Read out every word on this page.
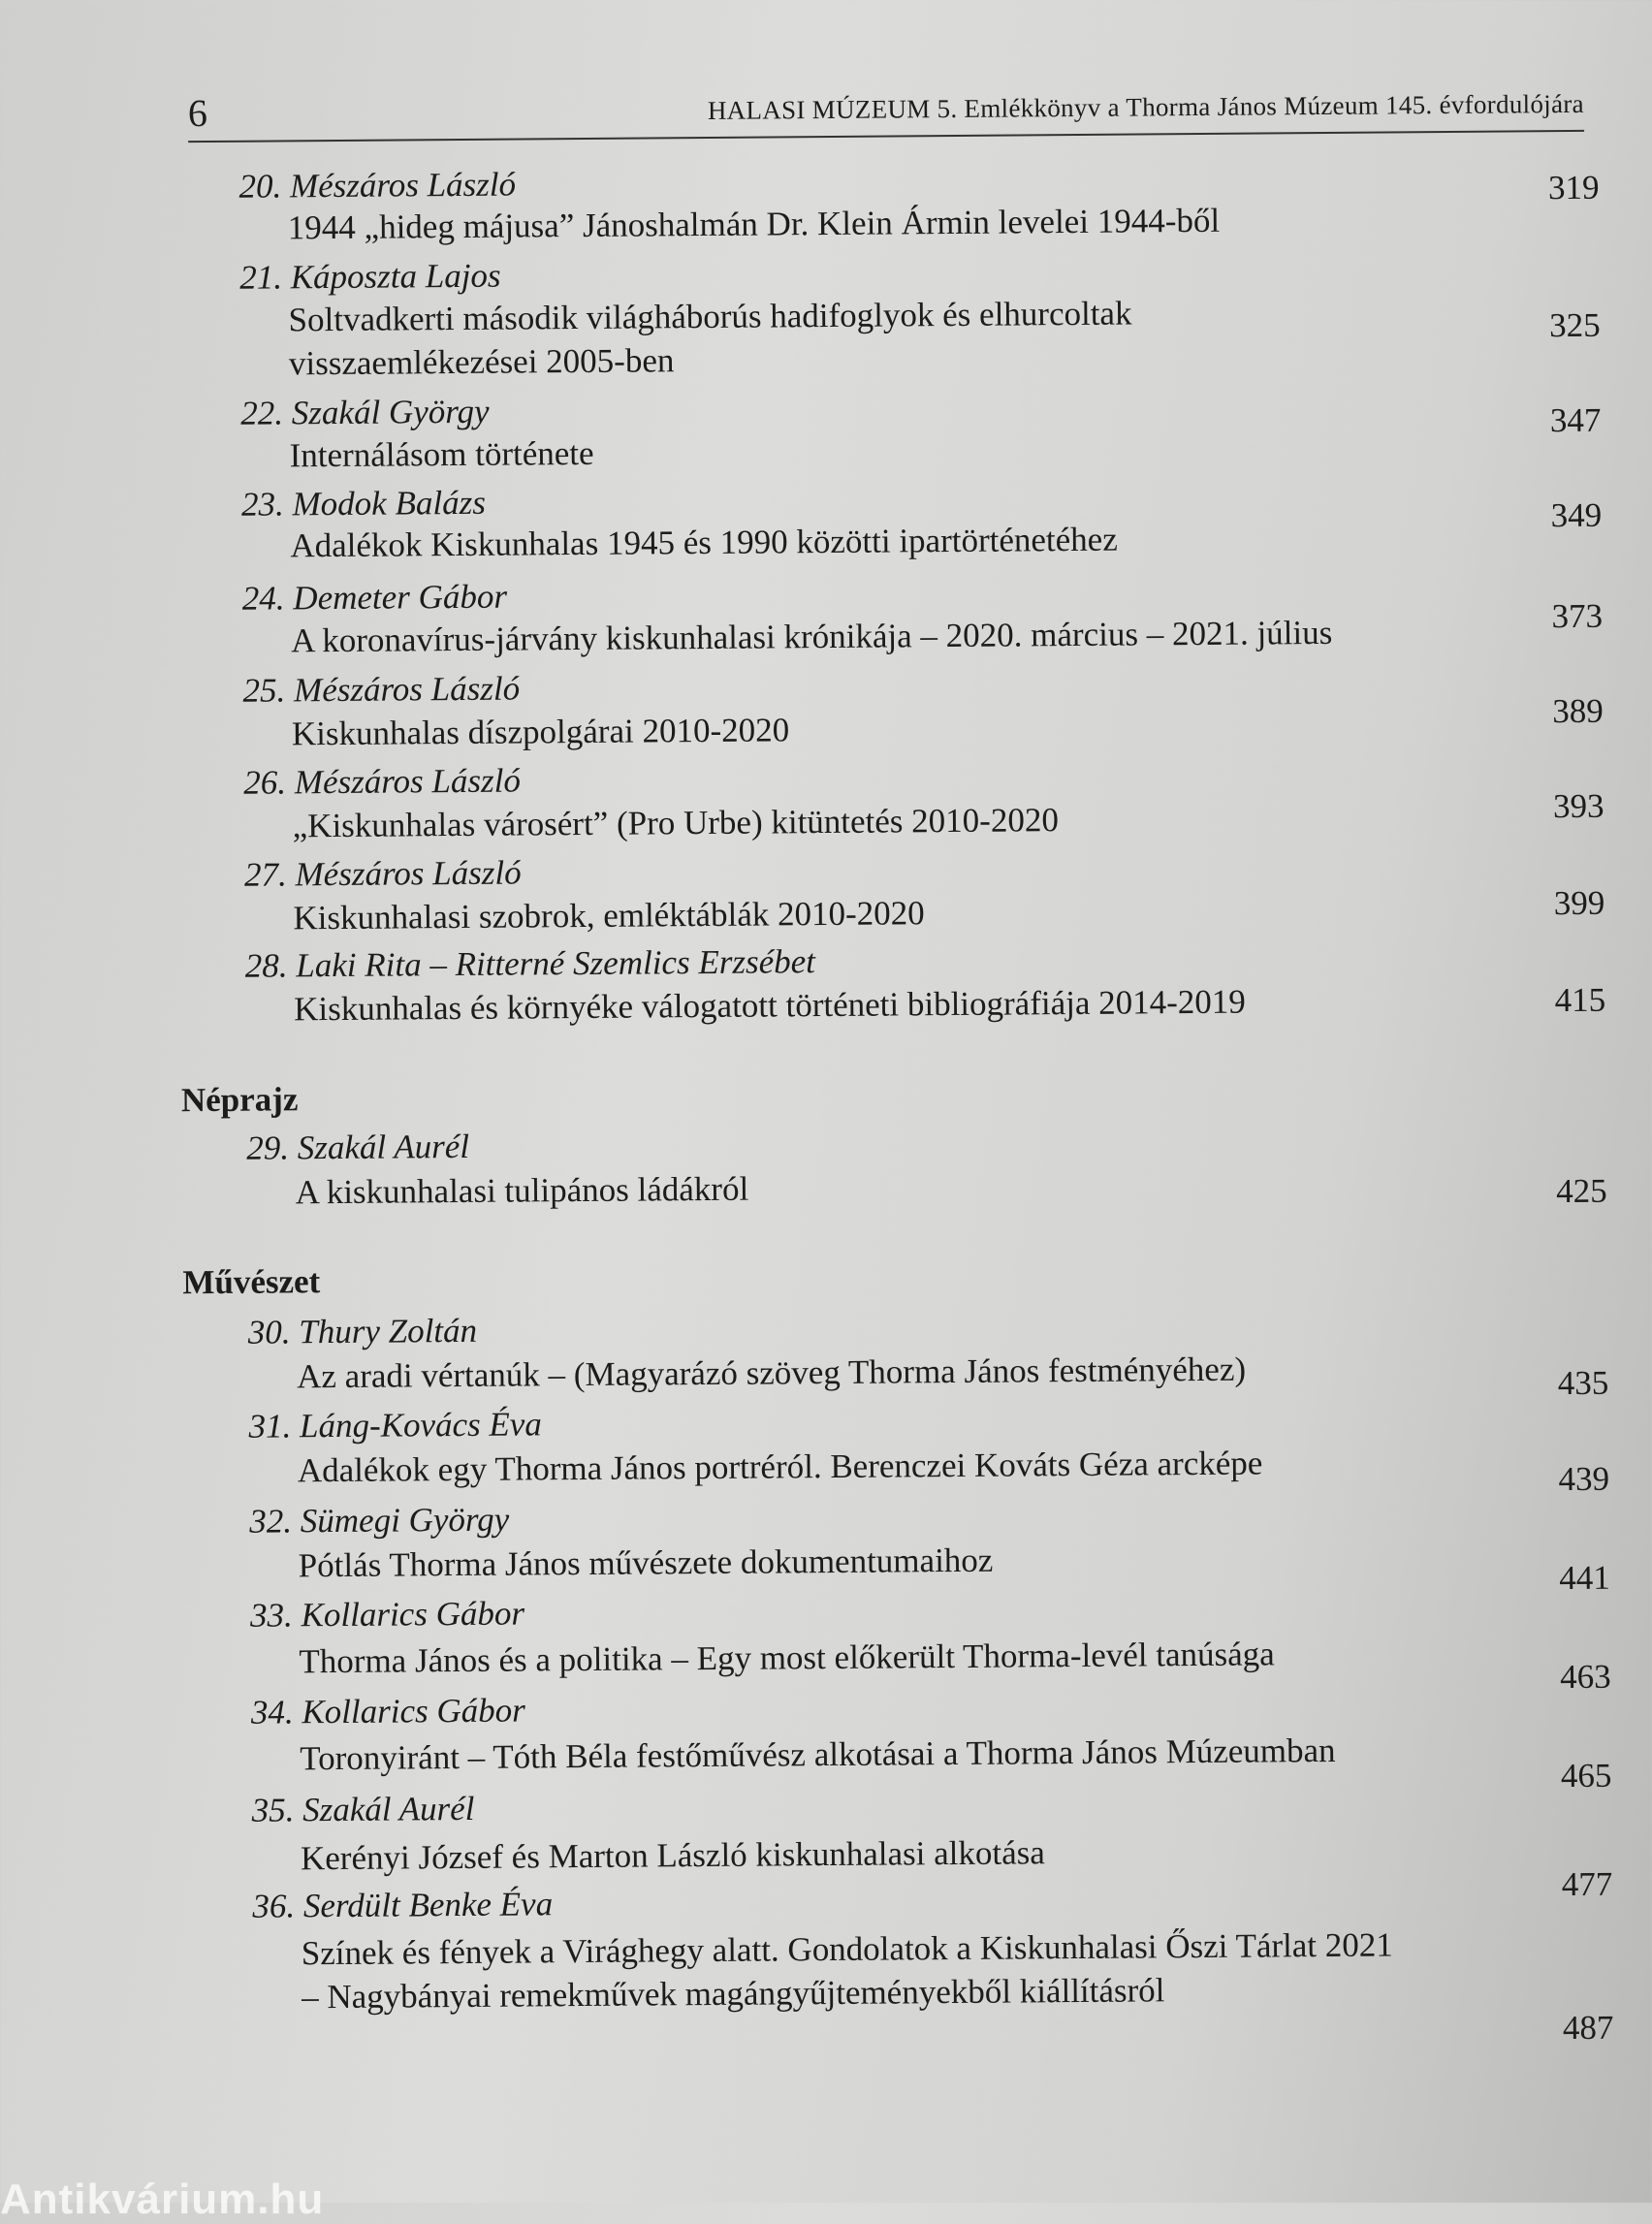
6	HALASI MÚZEUM 5. Emlékkönyv a Thorma János Múzeum 145. évfordulójára
20. Mészáros László
1944 „hideg májusa” Jánoshalmán Dr. Klein Ármin levelei 1944-ből
319
21. Káposzta Lajos
Soltvadkerti második világháborús hadifoglyok és elhurcoltak
visszaemlékezései 2005-ben
325
22. Szakál György
Internálásom története
347
23. Modok Balázs
Adalékok Kiskunhalas 1945 és 1990 közötti ipartörténetéhez
349
24. Demeter Gábor
A koronavírus-járvány kiskunhalasi krónikája – 2020. március – 2021. július	373
25. Mészáros László
Kiskunhalas díszpolgárai 2010-2020	389
26. Mészáros László
„Kiskunhalas városért” (Pro Urbe) kitüntetés 2010-2020	393
27. Mészáros László
Kiskunhalasi szobrok, emléktáblák 2010-2020	399
28. Laki Rita – Ritterné Szemlics Erzsébet
Kiskunhalas és környéke válogatott történeti bibliográfiája 2014-2019	415
Néprajz
29. Szakál Aurél
A kiskunhalasi tulipános ládákról	425
Művészet
30. Thury Zoltán
Az aradi vértanúk – (Magyarázó szöveg Thorma János festményéhez)	435
31. Láng-Kovács Éva
Adalékok egy Thorma János portréról. Berenczei Kováts Géza arcképe	439
32. Sümegi György
Pótlás Thorma János művészete dokumentumaihoz	441
33. Kollarics Gábor
Thorma János és a politika – Egy most előkerült Thorma-levél tanúsága	463
34. Kollarics Gábor
Toronyiránt – Tóth Béla festőművész alkotásai a Thorma János Múzeumban	465
35. Szakál Aurél
Kerényi József és Marton László kiskunhalasi alkotása
477
36. Serdült Benke Éva
Színek és fények a Virághegy alatt. Gondolatok a Kiskunhalasi Őszi Tárlat 2021
– Nagybányai remekművek magángyűjteményekből kiállításról
487
Antikvárium.hu
